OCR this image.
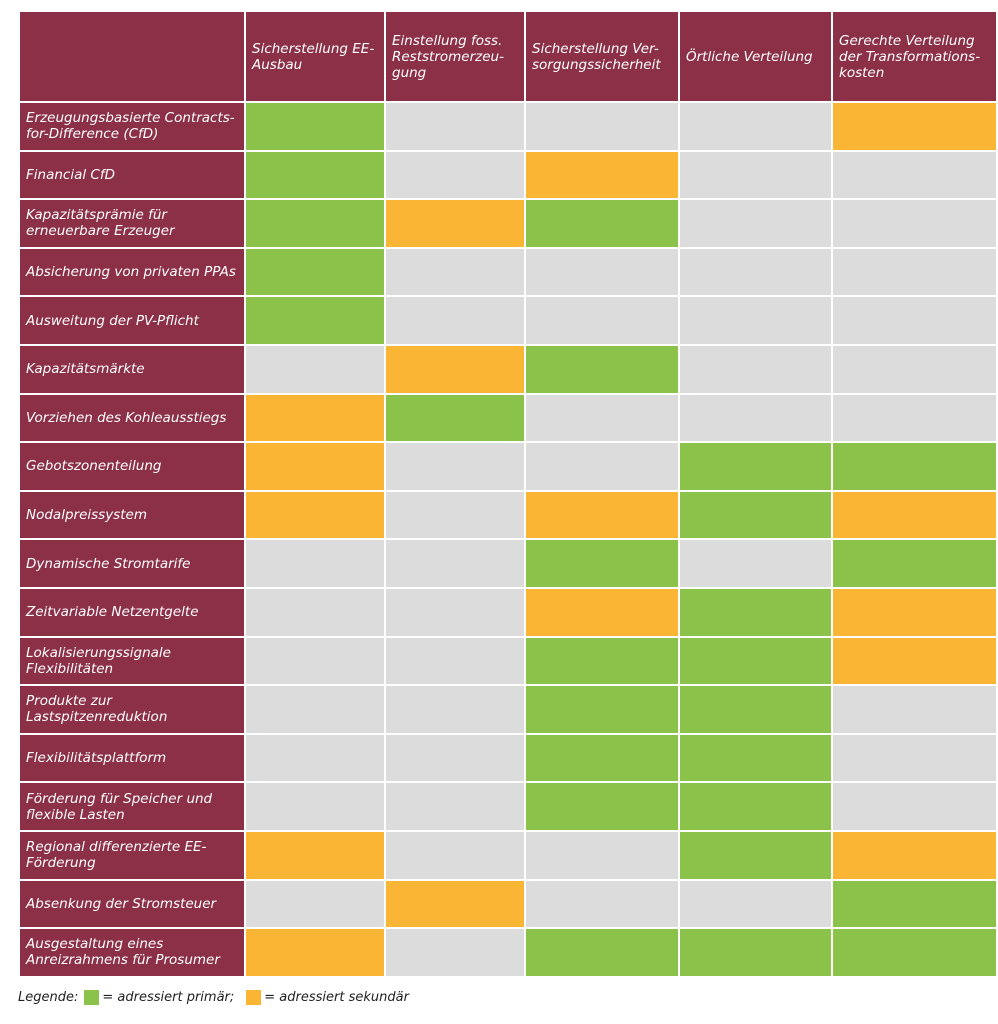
	Sicherstellung EE-Ausbau	Einstellung foss. Reststromerzeu-gung	Sicherstellung Ver-sorgungssicherheit	Örtliche Verteilung	Gerechte Verteilung der Transformations-kosten
Erzeugungsbasierte Contracts-for-Difference (CfD)					
Financial CfD					
Kapazitätsprämie für erneuerbare Erzeuger					
Absicherung von privaten PPAs					
Ausweitung der PV-Pflicht					
Kapazitätsmärkte					
Vorziehen des Kohleausstiegs					
Gebotszonenteilung					
Nodalpreissystem					
Dynamische Stromtarife					
Zeitvariable Netzentgelte					
Lokalisierungssignale Flexibilitäten					
Produkte zur Lastspitzenreduktion					
Flexibilitätsplattform					
Förderung für Speicher und flexible Lasten					
Regional differenzierte EE-Förderung					
Absenkung der Stromsteuer					
Ausgestaltung eines Anreizrahmens für Prosumer					
Legende: = adressiert primär; = adressiert sekundär
